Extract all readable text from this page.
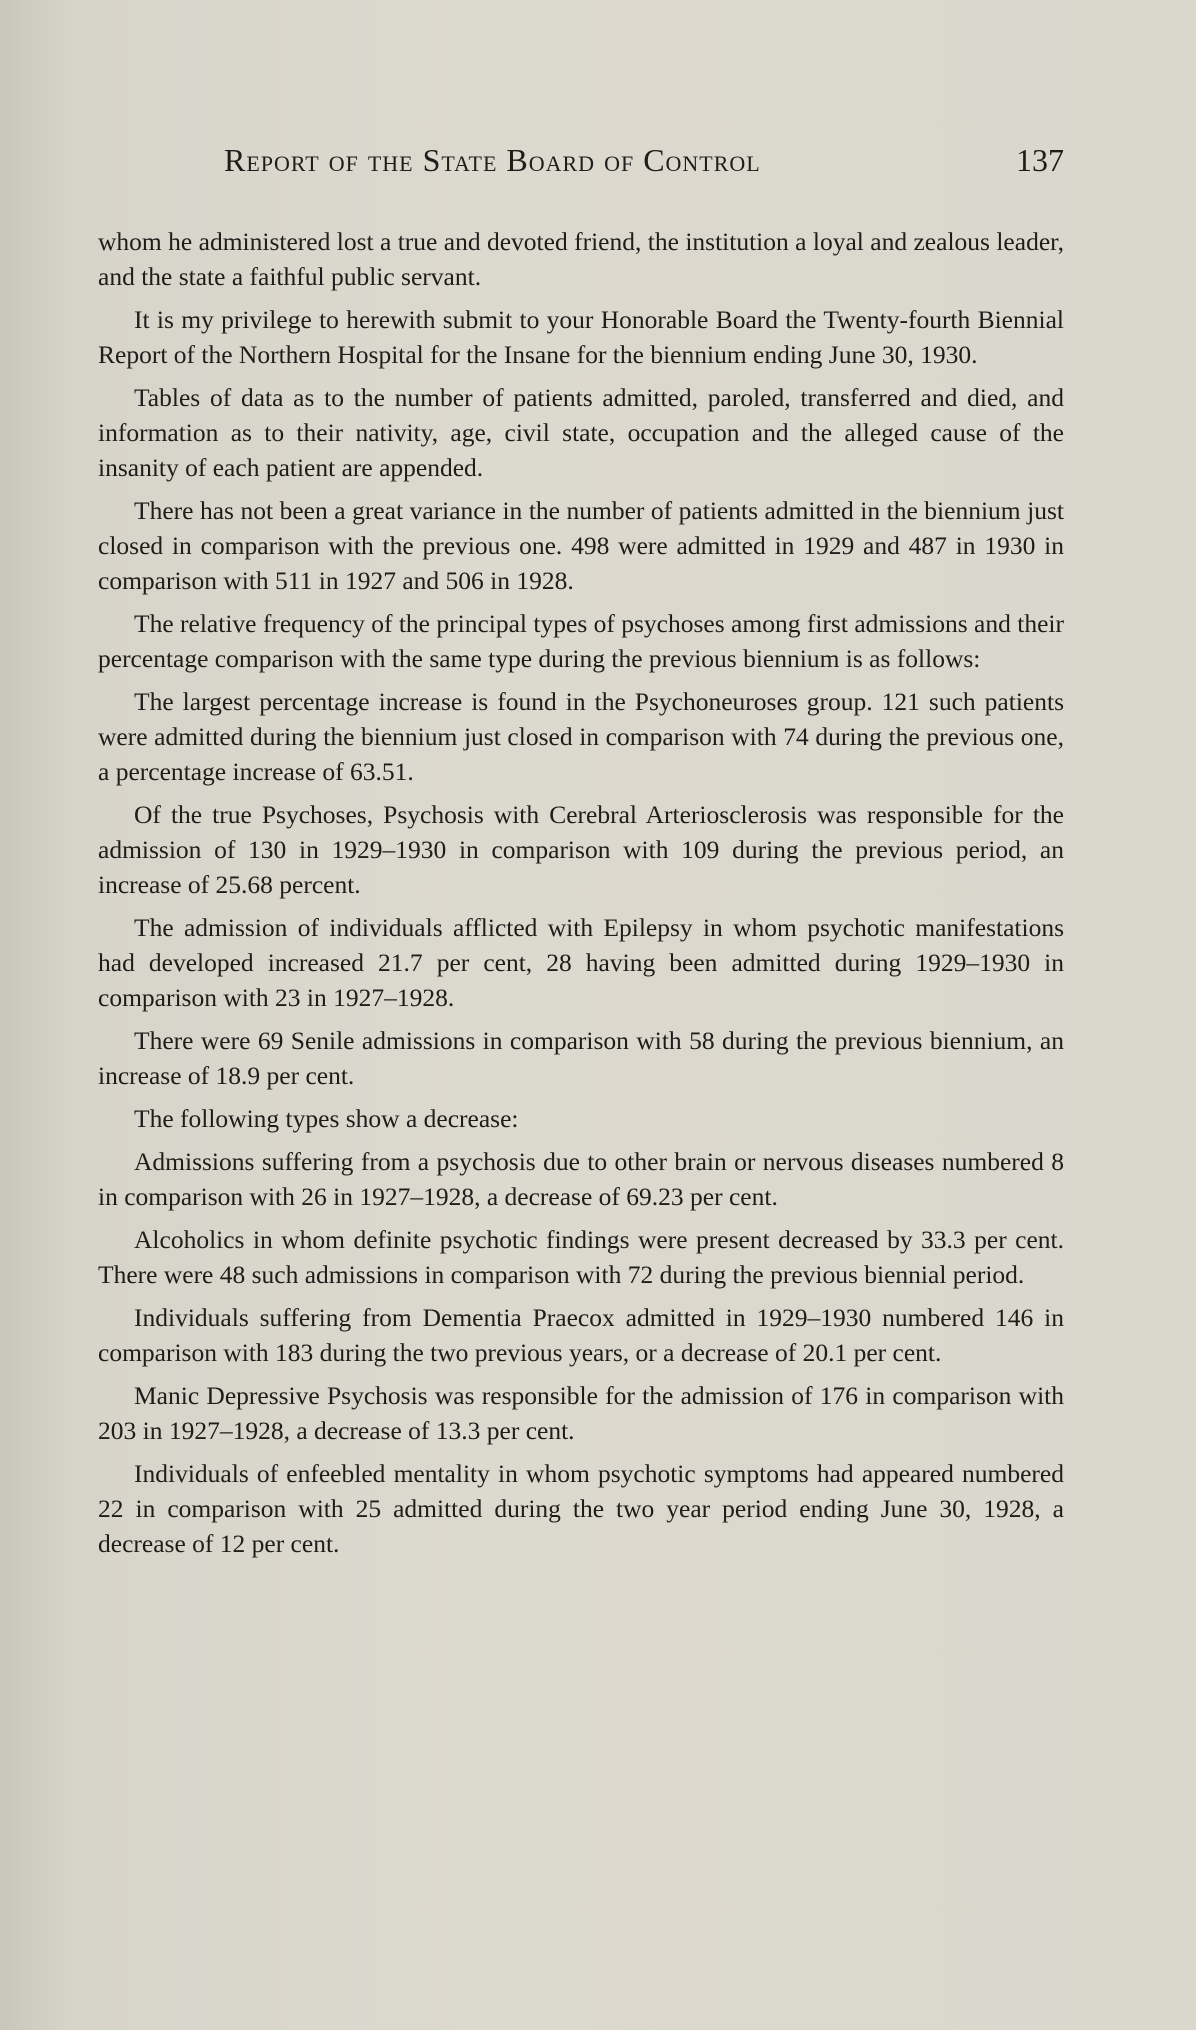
Report of the State Board of Control	137

whom he administered lost a true and devoted friend, the institution a loyal and zealous leader, and the state a faithful public servant.

It is my privilege to herewith submit to your Honorable Board the Twenty-fourth Biennial Report of the Northern Hospital for the Insane for the biennium ending June 30, 1930.

Tables of data as to the number of patients admitted, paroled, transferred and died, and information as to their nativity, age, civil state, occupation and the alleged cause of the insanity of each patient are appended.

There has not been a great variance in the number of patients admitted in the biennium just closed in comparison with the previous one. 498 were admitted in 1929 and 487 in 1930 in comparison with 511 in 1927 and 506 in 1928.

The relative frequency of the principal types of psychoses among first admissions and their percentage comparison with the same type during the previous biennium is as follows:

The largest percentage increase is found in the Psychoneuroses group. 121 such patients were admitted during the biennium just closed in comparison with 74 during the previous one, a percentage increase of 63.51.

Of the true Psychoses, Psychosis with Cerebral Arteriosclerosis was responsible for the admission of 130 in 1929–1930 in comparison with 109 during the previous period, an increase of 25.68 percent.

The admission of individuals afflicted with Epilepsy in whom psychotic manifestations had developed increased 21.7 per cent, 28 having been admitted during 1929–1930 in comparison with 23 in 1927–1928.

There were 69 Senile admissions in comparison with 58 during the previous biennium, an increase of 18.9 per cent.

The following types show a decrease:

Admissions suffering from a psychosis due to other brain or nervous diseases numbered 8 in comparison with 26 in 1927–1928, a decrease of 69.23 per cent.

Alcoholics in whom definite psychotic findings were present decreased by 33.3 per cent. There were 48 such admissions in comparison with 72 during the previous biennial period.

Individuals suffering from Dementia Praecox admitted in 1929–1930 numbered 146 in comparison with 183 during the two previous years, or a decrease of 20.1 per cent.

Manic Depressive Psychosis was responsible for the admission of 176 in comparison with 203 in 1927–1928, a decrease of 13.3 per cent.

Individuals of enfeebled mentality in whom psychotic symptoms had appeared numbered 22 in comparison with 25 admitted during the two year period ending June 30, 1928, a decrease of 12 per cent.
